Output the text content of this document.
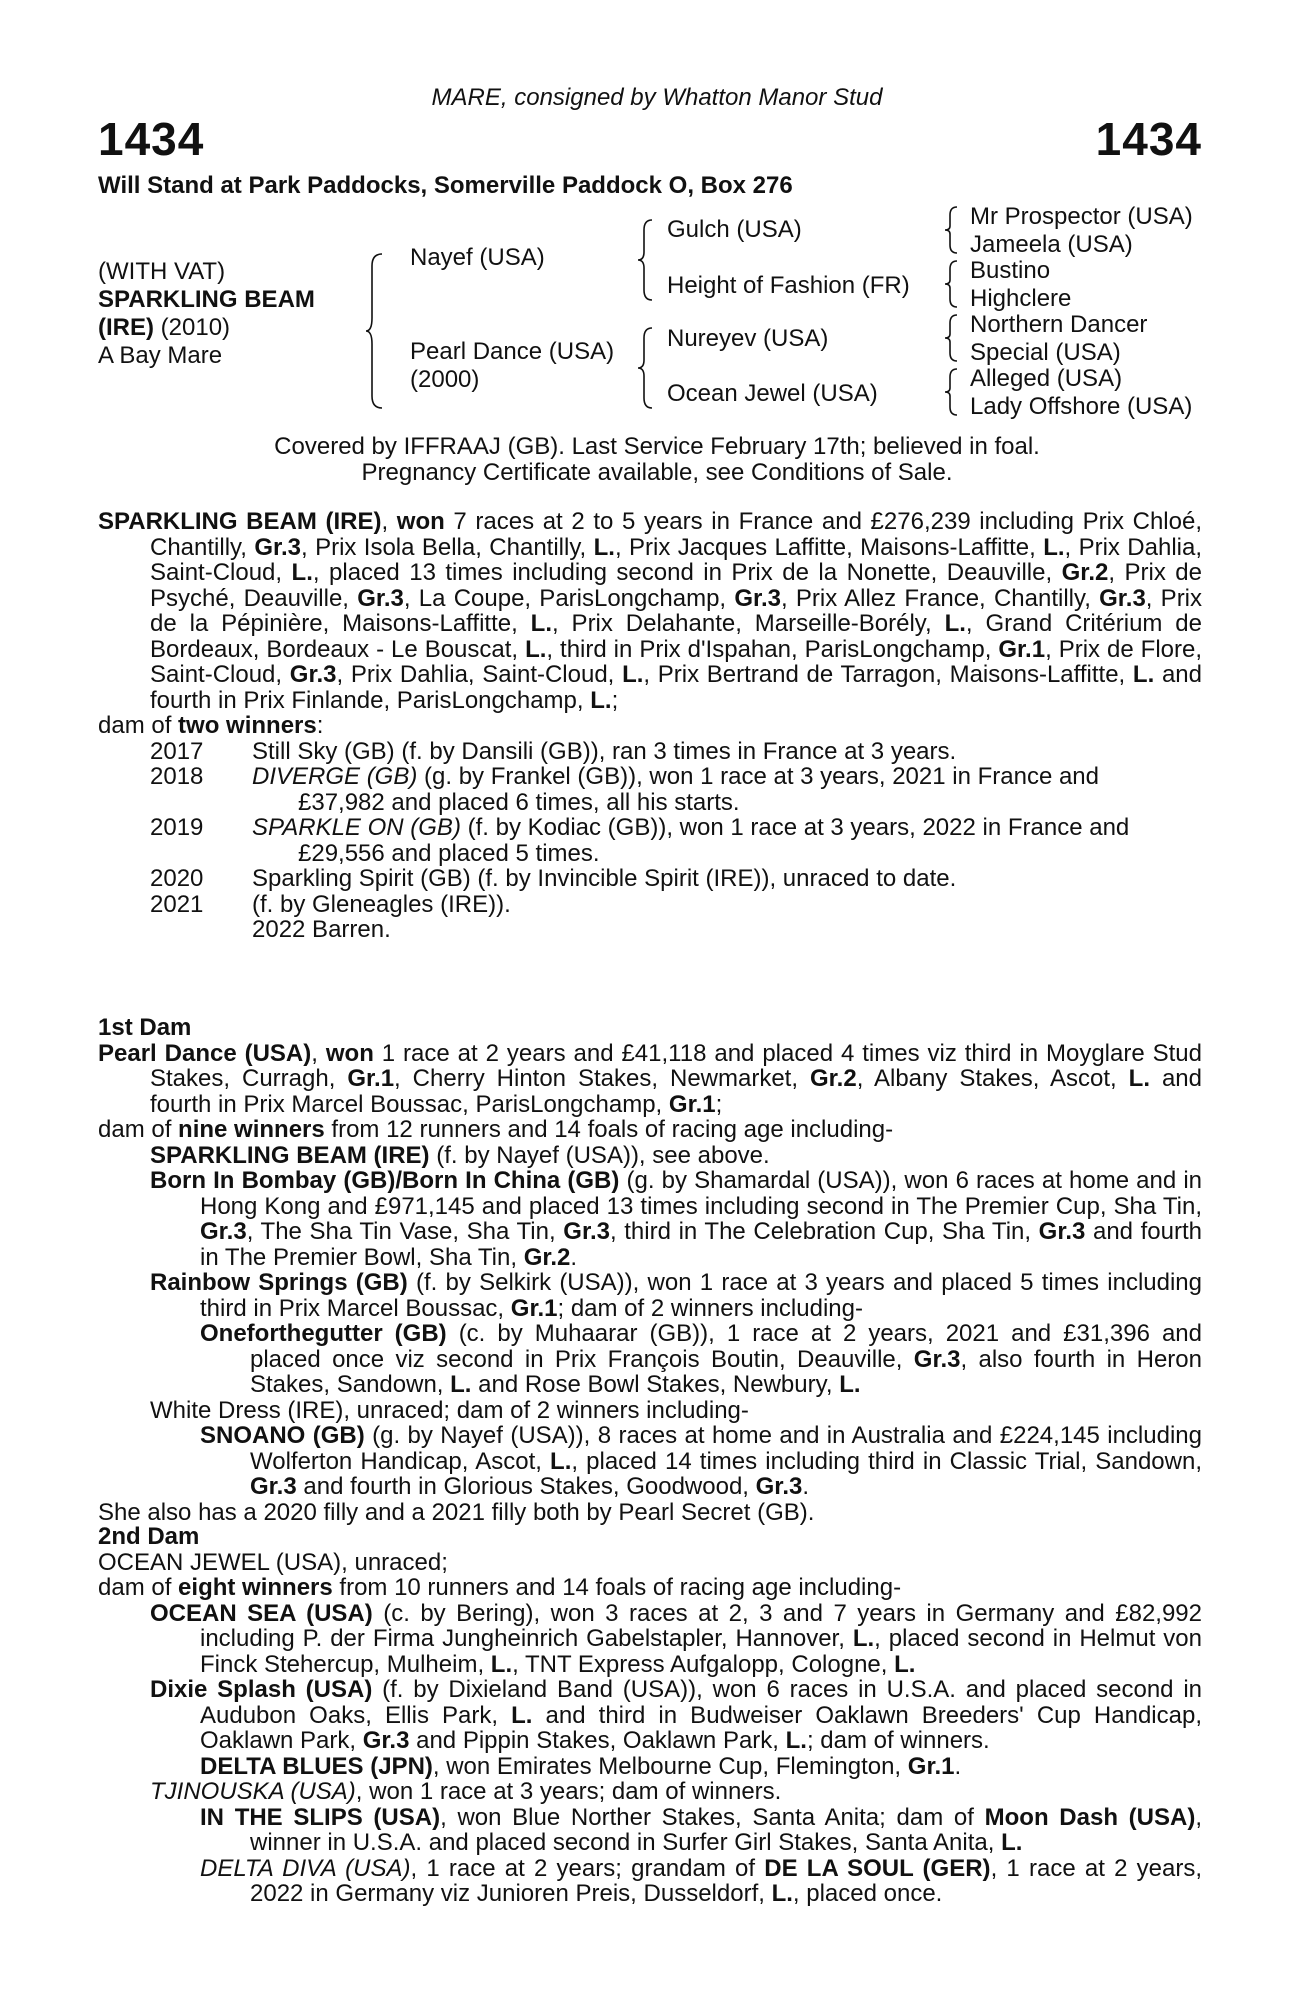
MARE, consigned by Whatton Manor Stud
1434	1434
Will Stand at Park Paddocks, Somerville Paddock O, Box 276
(WITH VAT)
SPARKLING BEAM
(IRE) (2010)
A Bay Mare
Nayef (USA)
Pearl Dance (USA)
(2000)
Gulch (USA)
Height of Fashion (FR)
Nureyev (USA)
Ocean Jewel (USA)
Mr Prospector (USA)
Jameela (USA)
Bustino
Highclere
Northern Dancer
Special (USA)
Alleged (USA)
Lady Offshore (USA)
Covered by IFFRAAJ (GB). Last Service February 17th; believed in foal.
Pregnancy Certificate available, see Conditions of Sale.

SPARKLING BEAM (IRE), won 7 races at 2 to 5 years in France and £276,239 including Prix Chloé, Chantilly, Gr.3, Prix Isola Bella, Chantilly, L., Prix Jacques Laffitte, Maisons-Laffitte, L., Prix Dahlia, Saint-Cloud, L., placed 13 times including second in Prix de la Nonette, Deauville, Gr.2, Prix de Psyché, Deauville, Gr.3, La Coupe, ParisLongchamp, Gr.3, Prix Allez France, Chantilly, Gr.3, Prix de la Pépinière, Maisons-Laffitte, L., Prix Delahante, Marseille-Borély, L., Grand Critérium de Bordeaux, Bordeaux - Le Bouscat, L., third in Prix d'Ispahan, ParisLongchamp, Gr.1, Prix de Flore, Saint-Cloud, Gr.3, Prix Dahlia, Saint-Cloud, L., Prix Bertrand de Tarragon, Maisons-Laffitte, L. and fourth in Prix Finlande, ParisLongchamp, L.;

dam of two winners:

2017 Still Sky (GB) (f. by Dansili (GB)), ran 3 times in France at 3 years.

2018 DIVERGE (GB) (g. by Frankel (GB)), won 1 race at 3 years, 2021 in France and

£37,982 and placed 6 times, all his starts.

2019 SPARKLE ON (GB) (f. by Kodiac (GB)), won 1 race at 3 years, 2022 in France and

£29,556 and placed 5 times.

2020 Sparkling Spirit (GB) (f. by Invincible Spirit (IRE)), unraced to date.

2021 (f. by Gleneagles (IRE)).

2022 Barren.

1st Dam

Pearl Dance (USA), won 1 race at 2 years and £41,118 and placed 4 times viz third in Moyglare Stud Stakes, Curragh, Gr.1, Cherry Hinton Stakes, Newmarket, Gr.2, Albany Stakes, Ascot, L. and fourth in Prix Marcel Boussac, ParisLongchamp, Gr.1;

dam of nine winners from 12 runners and 14 foals of racing age including-

SPARKLING BEAM (IRE) (f. by Nayef (USA)), see above.

Born In Bombay (GB)/Born In China (GB) (g. by Shamardal (USA)), won 6 races at home and in Hong Kong and £971,145 and placed 13 times including second in The Premier Cup, Sha Tin, Gr.3, The Sha Tin Vase, Sha Tin, Gr.3, third in The Celebration Cup, Sha Tin, Gr.3 and fourth in The Premier Bowl, Sha Tin, Gr.2.

Rainbow Springs (GB) (f. by Selkirk (USA)), won 1 race at 3 years and placed 5 times including third in Prix Marcel Boussac, Gr.1; dam of 2 winners including-

Oneforthegutter (GB) (c. by Muhaarar (GB)), 1 race at 2 years, 2021 and £31,396 and placed once viz second in Prix François Boutin, Deauville, Gr.3, also fourth in Heron Stakes, Sandown, L. and Rose Bowl Stakes, Newbury, L.

White Dress (IRE), unraced; dam of 2 winners including-

SNOANO (GB) (g. by Nayef (USA)), 8 races at home and in Australia and £224,145 including Wolferton Handicap, Ascot, L., placed 14 times including third in Classic Trial, Sandown, Gr.3 and fourth in Glorious Stakes, Goodwood, Gr.3.

She also has a 2020 filly and a 2021 filly both by Pearl Secret (GB).

2nd Dam

OCEAN JEWEL (USA), unraced;

dam of eight winners from 10 runners and 14 foals of racing age including-

OCEAN SEA (USA) (c. by Bering), won 3 races at 2, 3 and 7 years in Germany and £82,992 including P. der Firma Jungheinrich Gabelstapler, Hannover, L., placed second in Helmut von Finck Stehercup, Mulheim, L., TNT Express Aufgalopp, Cologne, L.

Dixie Splash (USA) (f. by Dixieland Band (USA)), won 6 races in U.S.A. and placed second in Audubon Oaks, Ellis Park, L. and third in Budweiser Oaklawn Breeders' Cup Handicap, Oaklawn Park, Gr.3 and Pippin Stakes, Oaklawn Park, L.; dam of winners.

DELTA BLUES (JPN), won Emirates Melbourne Cup, Flemington, Gr.1.

TJINOUSKA (USA), won 1 race at 3 years; dam of winners.

IN THE SLIPS (USA), won Blue Norther Stakes, Santa Anita; dam of Moon Dash (USA), winner in U.S.A. and placed second in Surfer Girl Stakes, Santa Anita, L.

DELTA DIVA (USA), 1 race at 2 years; grandam of DE LA SOUL (GER), 1 race at 2 years, 2022 in Germany viz Junioren Preis, Dusseldorf, L., placed once.
